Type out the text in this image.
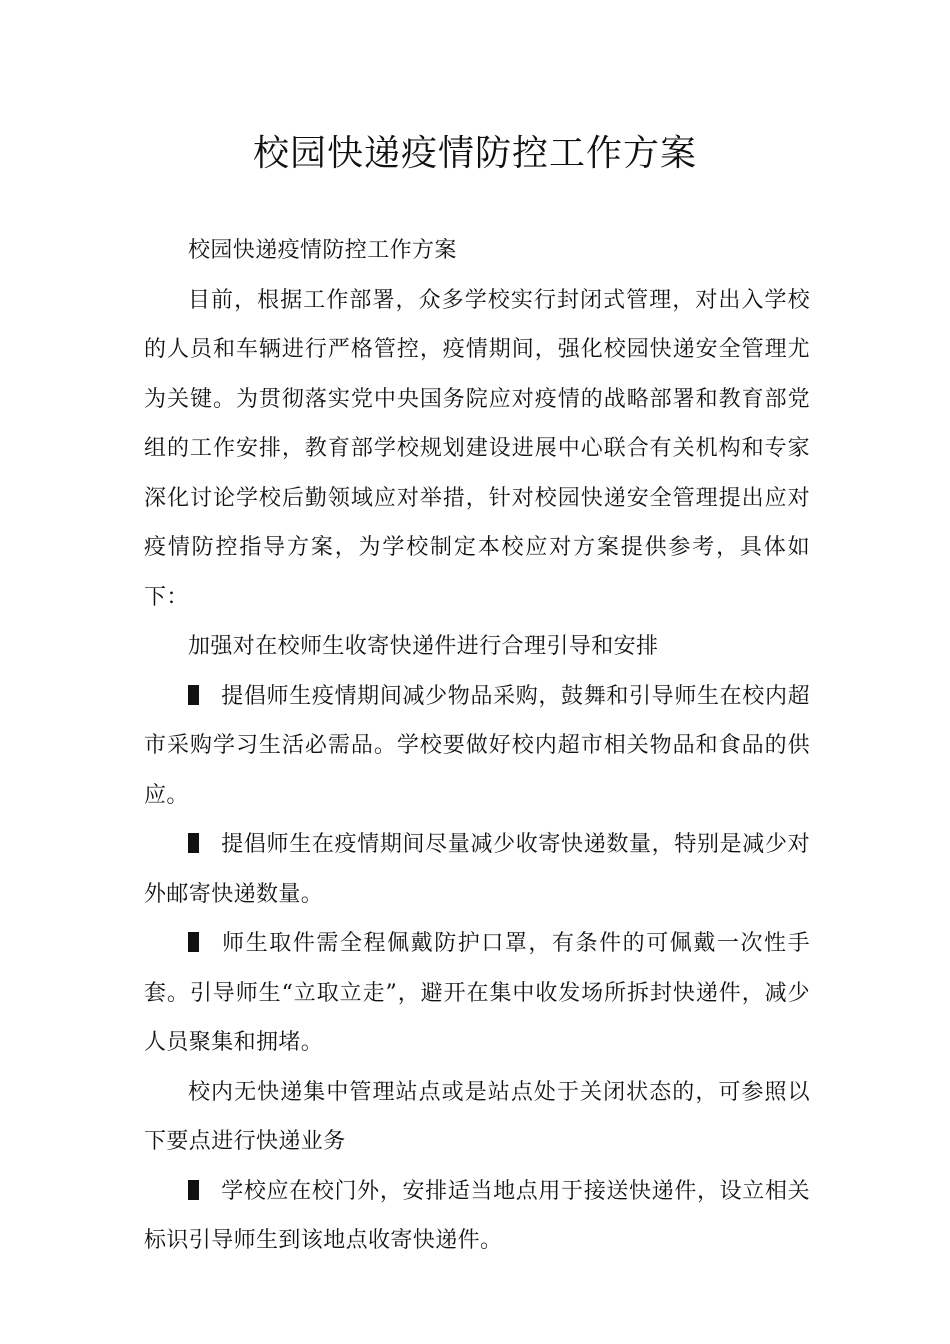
校园快递疫情防控工作方案

校园快递疫情防控工作方案

目前，根据工作部署，众多学校实行封闭式管理，对出入学校的人员和车辆进行严格管控，疫情期间，强化校园快递安全管理尤为关键。为贯彻落实党中央国务院应对疫情的战略部署和教育部党组的工作安排，教育部学校规划建设进展中心联合有关机构和专家深化讨论学校后勤领域应对举措，针对校园快递安全管理提出应对疫情防控指导方案，为学校制定本校应对方案提供参考，具体如下：

加强对在校师生收寄快递件进行合理引导和安排

提倡师生疫情期间减少物品采购，鼓舞和引导师生在校内超市采购学习生活必需品。学校要做好校内超市相关物品和食品的供应。

提倡师生在疫情期间尽量减少收寄快递数量，特别是减少对外邮寄快递数量。

师生取件需全程佩戴防护口罩，有条件的可佩戴一次性手套。引导师生“立取立走”，避开在集中收发场所拆封快递件，减少人员聚集和拥堵。

校内无快递集中管理站点或是站点处于关闭状态的，可参照以下要点进行快递业务

学校应在校门外，安排适当地点用于接送快递件，设立相关标识引导师生到该地点收寄快递件。
